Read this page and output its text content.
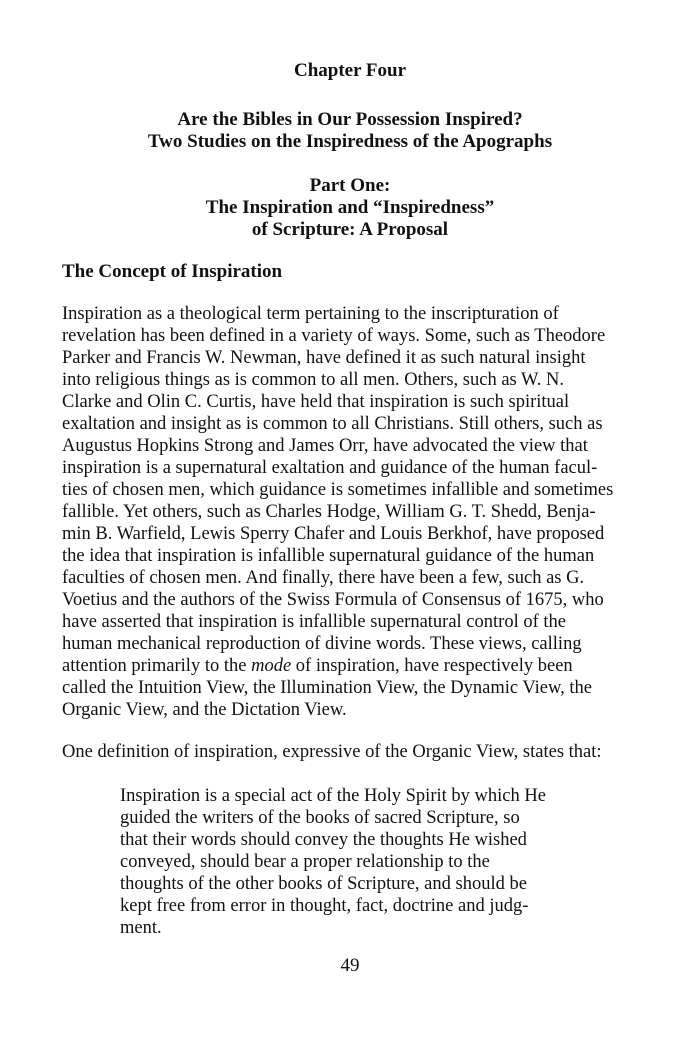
Chapter Four
Are the Bibles in Our Possession Inspired?
Two Studies on the Inspiredness of the Apographs
Part One:
The Inspiration and “Inspiredness”
of Scripture: A Proposal
The Concept of Inspiration
Inspiration as a theological term pertaining to the inscripturation of
revelation has been defined in a variety of ways. Some, such as Theodore
Parker and Francis W. Newman, have defined it as such natural insight
into religious things as is common to all men. Others, such as W. N.
Clarke and Olin C. Curtis, have held that inspiration is such spiritual
exaltation and insight as is common to all Christians. Still others, such as
Augustus Hopkins Strong and James Orr, have advocated the view that
inspiration is a supernatural exaltation and guidance of the human facul-
ties of chosen men, which guidance is sometimes infallible and sometimes
fallible. Yet others, such as Charles Hodge, William G. T. Shedd, Benja-
min B. Warfield, Lewis Sperry Chafer and Louis Berkhof, have proposed
the idea that inspiration is infallible supernatural guidance of the human
faculties of chosen men. And finally, there have been a few, such as G.
Voetius and the authors of the Swiss Formula of Consensus of 1675, who
have asserted that inspiration is infallible supernatural control of the
human mechanical reproduction of divine words. These views, calling
attention primarily to the mode of inspiration, have respectively been
called the Intuition View, the Illumination View, the Dynamic View, the
Organic View, and the Dictation View.
One definition of inspiration, expressive of the Organic View, states that:
Inspiration is a special act of the Holy Spirit by which He
guided the writers of the books of sacred Scripture, so
that their words should convey the thoughts He wished
conveyed, should bear a proper relationship to the
thoughts of the other books of Scripture, and should be
kept free from error in thought, fact, doctrine and judg-
ment.
49
